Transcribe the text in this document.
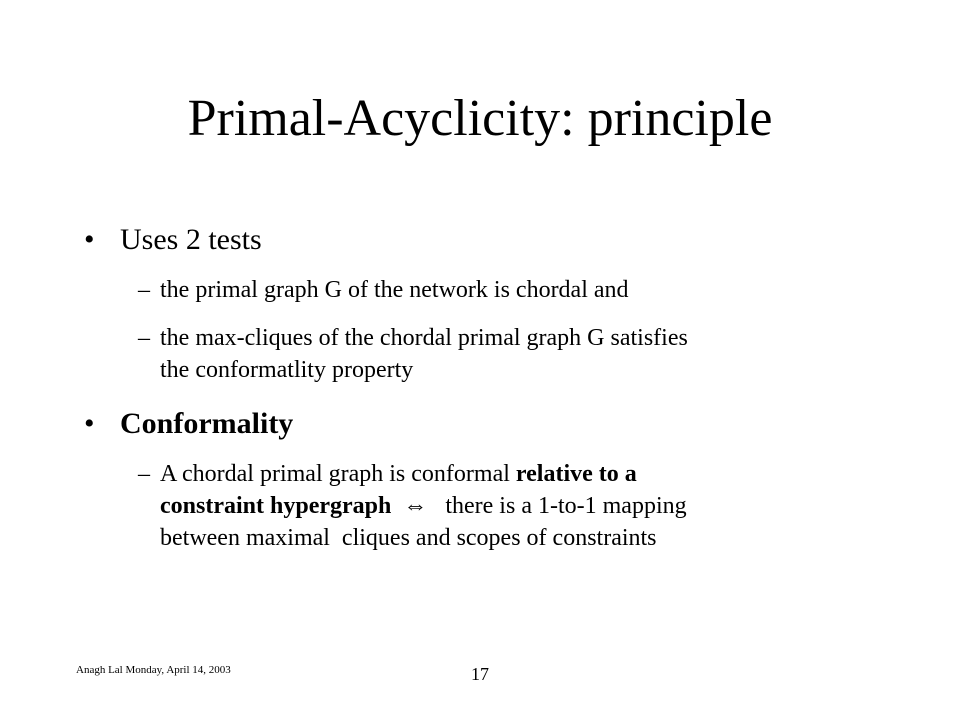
Primal-Acyclicity: principle
• Uses 2 tests
– the primal graph G of the network is chordal and
– the max-cliques of the chordal primal graph G satisfies
the conformatlity property
• Conformality
– A chordal primal graph is conformal relative to a
constraint hypergraph ⇔ there is a 1-to-1 mapping
between maximal  cliques and scopes of constraints
Anagh Lal Monday, April 14, 2003	17
